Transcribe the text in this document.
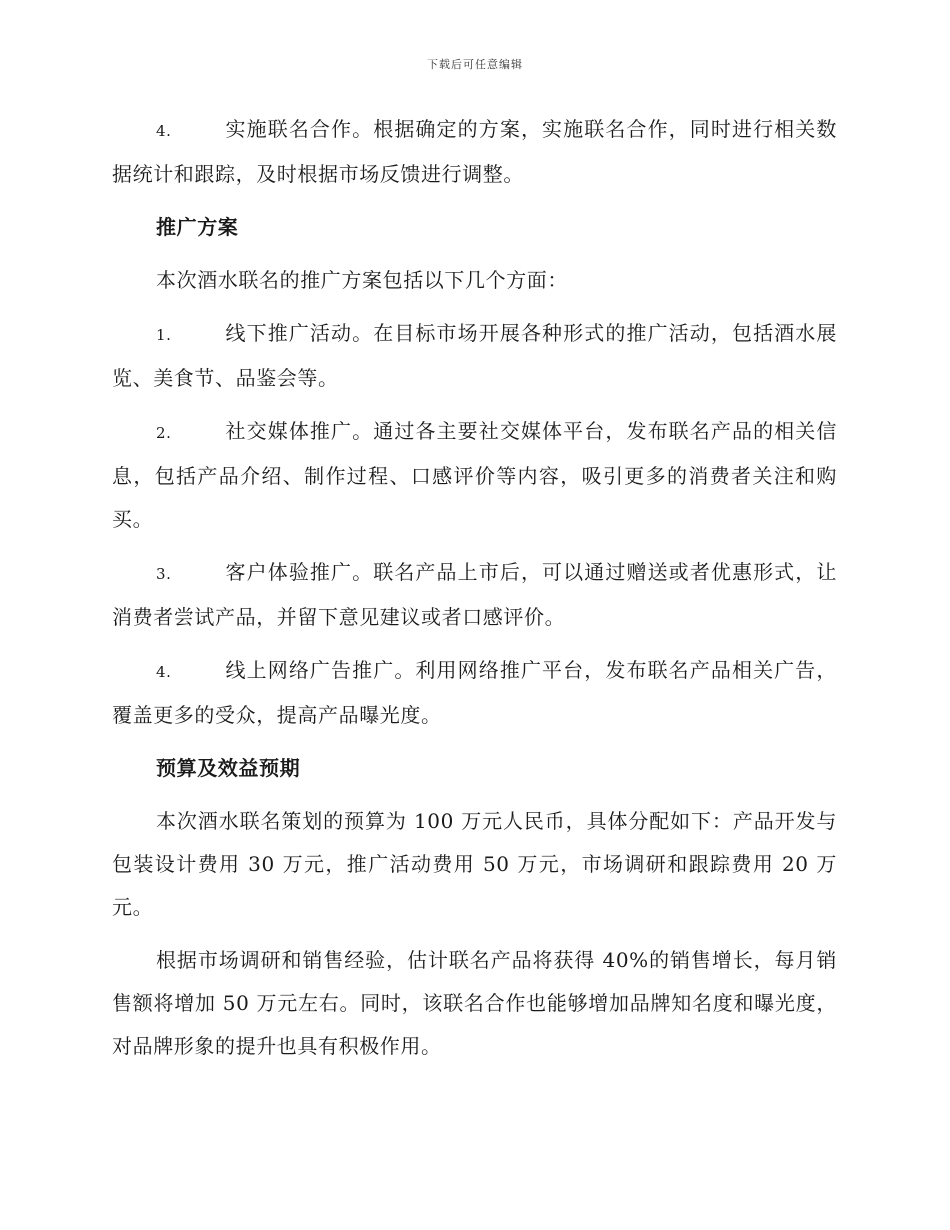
下载后可任意编辑

4.	实施联名合作。根据确定的方案，实施联名合作，同时进行相关数据统计和跟踪，及时根据市场反馈进行调整。

推广方案

本次酒水联名的推广方案包括以下几个方面：

1.	线下推广活动。在目标市场开展各种形式的推广活动，包括酒水展览、美食节、品鉴会等。

2.	社交媒体推广。通过各主要社交媒体平台，发布联名产品的相关信息，包括产品介绍、制作过程、口感评价等内容，吸引更多的消费者关注和购买。

3.	客户体验推广。联名产品上市后，可以通过赠送或者优惠形式，让消费者尝试产品，并留下意见建议或者口感评价。

4.	线上网络广告推广。利用网络推广平台，发布联名产品相关广告，覆盖更多的受众，提高产品曝光度。

预算及效益预期

本次酒水联名策划的预算为 100 万元人民币，具体分配如下：产品开发与包装设计费用 30 万元，推广活动费用 50 万元，市场调研和跟踪费用 20 万元。

根据市场调研和销售经验，估计联名产品将获得 40%的销售增长，每月销售额将增加 50 万元左右。同时，该联名合作也能够增加品牌知名度和曝光度，对品牌形象的提升也具有积极作用。
